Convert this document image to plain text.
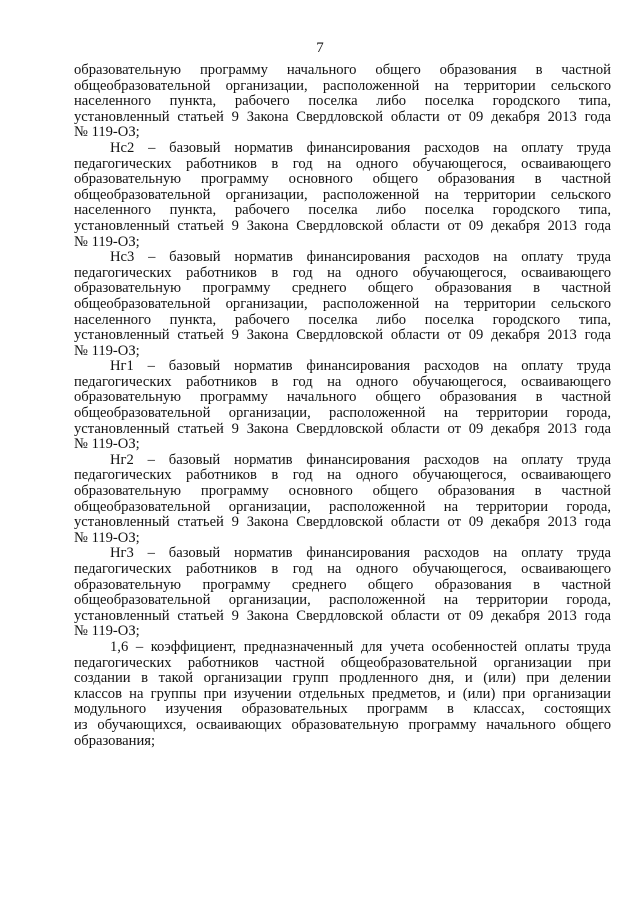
7
образовательную программу начального общего образования в частной
общеобразовательной организации, расположенной на территории сельского
населенного пункта, рабочего поселка либо поселка городского типа,
установленный статьей 9 Закона Свердловской области от 09 декабря 2013 года
№ 119-ОЗ;
Нс2 – базовый норматив финансирования расходов на оплату труда
педагогических работников в год на одного обучающегося, осваивающего
образовательную программу основного общего образования в частной
общеобразовательной организации, расположенной на территории сельского
населенного пункта, рабочего поселка либо поселка городского типа,
установленный статьей 9 Закона Свердловской области от 09 декабря 2013 года
№ 119-ОЗ;
Нс3 – базовый норматив финансирования расходов на оплату труда
педагогических работников в год на одного обучающегося, осваивающего
образовательную программу среднего общего образования в частной
общеобразовательной организации, расположенной на территории сельского
населенного пункта, рабочего поселка либо поселка городского типа,
установленный статьей 9 Закона Свердловской области от 09 декабря 2013 года
№ 119-ОЗ;
Нг1 – базовый норматив финансирования расходов на оплату труда
педагогических работников в год на одного обучающегося, осваивающего
образовательную программу начального общего образования в частной
общеобразовательной организации, расположенной на территории города,
установленный статьей 9 Закона Свердловской области от 09 декабря 2013 года
№ 119-ОЗ;
Нг2 – базовый норматив финансирования расходов на оплату труда
педагогических работников в год на одного обучающегося, осваивающего
образовательную программу основного общего образования в частной
общеобразовательной организации, расположенной на территории города,
установленный статьей 9 Закона Свердловской области от 09 декабря 2013 года
№ 119-ОЗ;
Нг3 – базовый норматив финансирования расходов на оплату труда
педагогических работников в год на одного обучающегося, осваивающего
образовательную программу среднего общего образования в частной
общеобразовательной организации, расположенной на территории города,
установленный статьей 9 Закона Свердловской области от 09 декабря 2013 года
№ 119-ОЗ;
1,6 – коэффициент, предназначенный для учета особенностей оплаты труда
педагогических работников частной общеобразовательной организации при
создании в такой организации групп продленного дня, и (или) при делении
классов на группы при изучении отдельных предметов, и (или) при организации
модульного изучения образовательных программ в классах, состоящих
из обучающихся, осваивающих образовательную программу начального общего
образования;
